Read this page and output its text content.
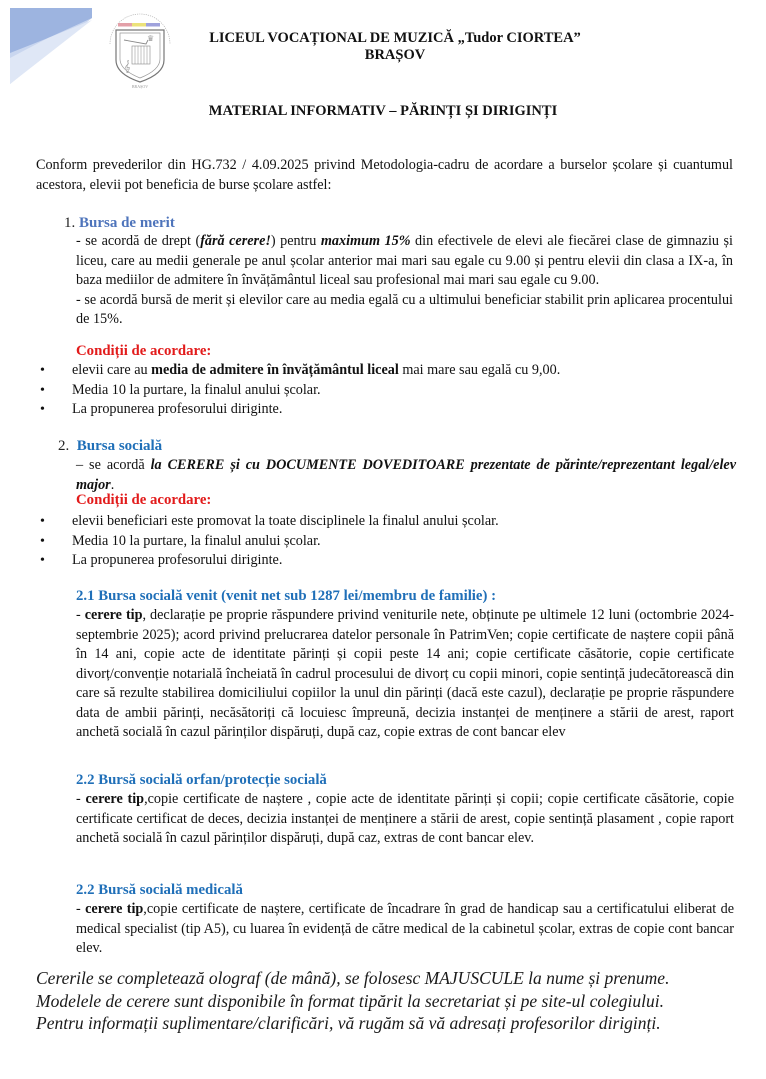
𝄞
♛
BRAȘOV
LICEUL VOCAȚIONAL DE MUZICĂ „Tudor CIORTEA”
BRAȘOV
MATERIAL INFORMATIV – PĂRINȚI ȘI DIRIGINȚI
Conform prevederilor din HG.732 / 4.09.2025 privind Metodologia-cadru de acordare a burselor școlare și cuantumul acestora, elevii pot beneficia de burse școlare astfel:
1. Bursa de merit
- se acordă de drept (fără cerere!) pentru maximum 15% din efectivele de elevi ale fiecărei clase de gimnaziu și liceu, care au medii generale pe anul școlar anterior mai mari sau egale cu 9.00 și pentru elevii din clasa a IX-a, în baza mediilor de admitere în învățământul liceal sau profesional mai mari sau egale cu 9.00.
- se acordă bursă de merit și elevilor care au media egală cu a ultimului beneficiar stabilit prin aplicarea procentului de 15%.
Condiții de acordare:
• elevii care au media de admitere în învățământul liceal mai mare sau egală cu 9,00.
• Media 10 la purtare, la finalul anului școlar.
• La propunerea profesorului diriginte.
2. Bursa socială
– se acordă la CERERE și cu DOCUMENTE DOVEDITOARE prezentate de părinte/reprezentant legal/elev major.
Condiții de acordare:
• elevii beneficiari este promovat la toate disciplinele la finalul anului școlar.
• Media 10 la purtare, la finalul anului școlar.
• La propunerea profesorului diriginte.
2.1 Bursa socială venit (venit net sub 1287 lei/membru de familie) :
- cerere tip, declarație pe proprie răspundere privind veniturile nete, obținute pe ultimele 12 luni (octombrie 2024- septembrie 2025); acord privind prelucrarea datelor personale în PatrimVen; copie certificate de naștere copii până în 14 ani, copie acte de identitate părinți și copii peste 14 ani; copie certificate căsătorie, copie certificate divorț/convenție notarială încheiată în cadrul procesului de divorț cu copii minori, copie sentință judecătorească din care să rezulte stabilirea domiciliului copiilor la unul din părinți (dacă este cazul), declarație pe proprie răspundere data de ambii părinți, necăsătoriți că locuiesc împreună, decizia instanței de menținere a stării de arest, raport anchetă socială în cazul părinților dispăruți, după caz, copie extras de cont bancar elev
2.2 Bursă socială orfan/protecție socială
- cerere tip,copie certificate de naștere , copie acte de identitate părinți și copii; copie certificate căsătorie, copie certificate certificat de deces, decizia instanței de menținere a stării de arest, copie sentință plasament , copie raport anchetă socială în cazul părinților dispăruți, după caz, extras de cont bancar elev.
2.2 Bursă socială medicală
- cerere tip,copie certificate de naștere, certificate de încadrare în grad de handicap sau a certificatului eliberat de medical specialist (tip A5), cu luarea în evidență de către medical de la cabinetul școlar, extras de copie cont bancar elev.
Cererile se completează olograf (de mână), se folosesc MAJUSCULE la nume și prenume.
Modelele de cerere sunt disponibile în format tipărit la secretariat și pe site-ul colegiului.
Pentru informații suplimentare/clarificări, vă rugăm să vă adresați profesorilor diriginți.
